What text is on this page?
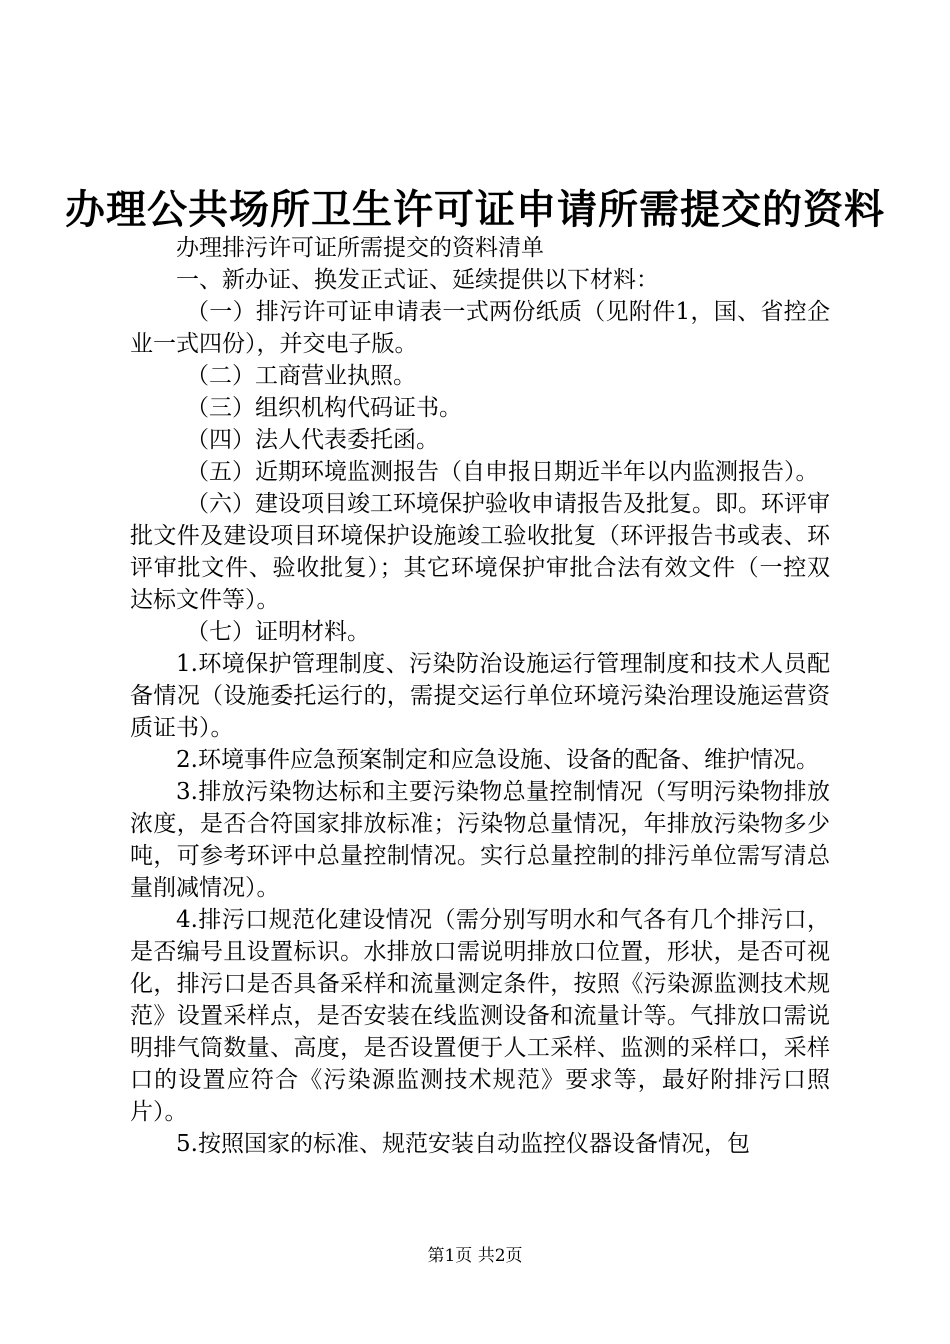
办理公共场所卫生许可证申请所需提交的资料

办理排污许可证所需提交的资料清单

一、新办证、换发正式证、延续提供以下材料：

（一）排污许可证申请表一式两份纸质（见附件1，国、省控企业一式四份），并交电子版。

（二）工商营业执照。

（三）组织机构代码证书。

（四）法人代表委托函。

（五）近期环境监测报告（自申报日期近半年以内监测报告）。

（六）建设项目竣工环境保护验收申请报告及批复。即。环评审批文件及建设项目环境保护设施竣工验收批复（环评报告书或表、环评审批文件、验收批复）；其它环境保护审批合法有效文件（一控双达标文件等）。

（七）证明材料。

1.环境保护管理制度、污染防治设施运行管理制度和技术人员配备情况（设施委托运行的，需提交运行单位环境污染治理设施运营资质证书）。

2.环境事件应急预案制定和应急设施、设备的配备、维护情况。

3.排放污染物达标和主要污染物总量控制情况（写明污染物排放浓度，是否合符国家排放标准；污染物总量情况，年排放污染物多少吨，可参考环评中总量控制情况。实行总量控制的排污单位需写清总量削减情况）。

4.排污口规范化建设情况（需分别写明水和气各有几个排污口，是否编号且设置标识。水排放口需说明排放口位置，形状，是否可视化，排污口是否具备采样和流量测定条件，按照《污染源监测技术规范》设置采样点，是否安装在线监测设备和流量计等。气排放口需说明排气筒数量、高度，是否设置便于人工采样、监测的采样口，采样口的设置应符合《污染源监测技术规范》要求等，最好附排污口照片）。

5.按照国家的标准、规范安装自动监控仪器设备情况，包

第1页 共2页
